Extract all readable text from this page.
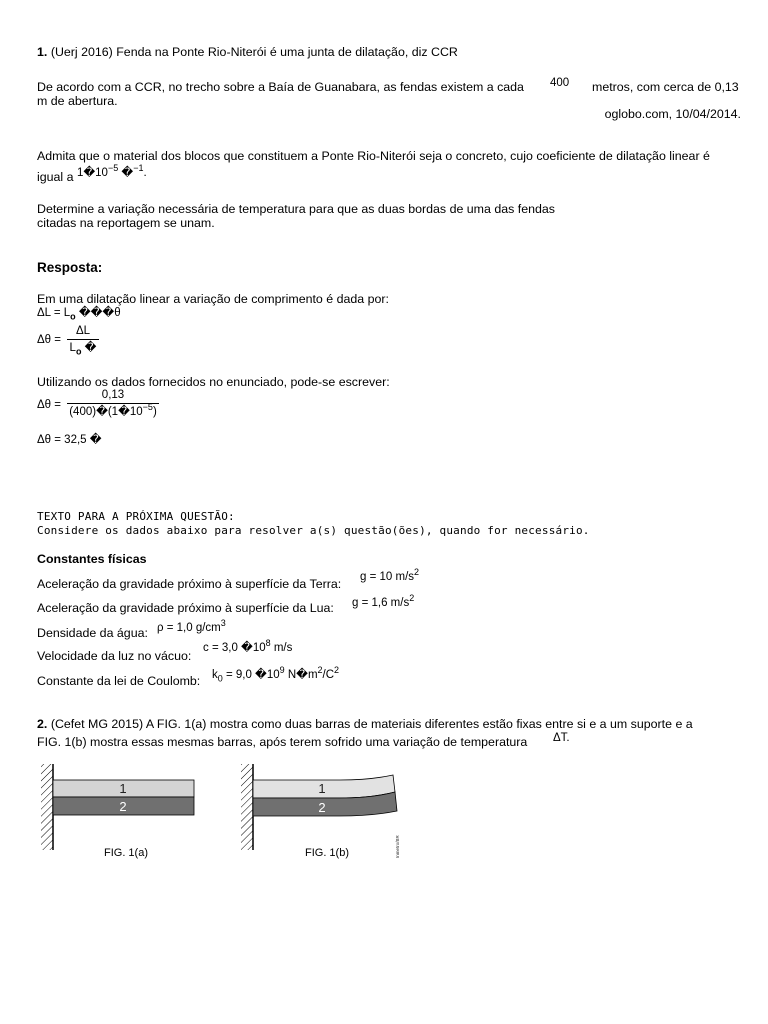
1. (Uerj 2016) Fenda na Ponte Rio-Niterói é uma junta de dilatação, diz CCR
De acordo com a CCR, no trecho sobre a Baía de Guanabara, as fendas existem a cada 400 metros, com cerca de 0,13
m de abertura.
oglobo.com, 10/04/2014.
Admita que o material dos blocos que constituem a Ponte Rio-Niterói seja o concreto, cujo coeficiente de dilatação linear é
igual a $1�10^{-5}$ �$^{-1}$.
Determine a variação necessária de temperatura para que as duas bordas de uma das fendas
citadas na reportagem se unam.
Resposta:
Em uma dilatação linear a variação de comprimento é dada por:
$\Delta L = L_o$ ���θ
Δθ =
ΔL
$L_o$ �
Utilizando os dados fornecidos no enunciado, pode-se escrever:
Δθ =
0,13
$(400)�(1�10^{-5})$
Δθ = 32,5 �
TEXTO PARA A PRÓXIMA QUESTÃO:
Considere os dados abaixo para resolver a(s) questão(ões), quando for necessário.
Constantes físicas
Aceleração da gravidade próximo à superfície da Terra: g = 10 $m/s^2$
Aceleração da gravidade próximo à superfície da Lua: g = 1,6 $m/s^2$
Densidade da água: ρ = 1,0 $g/cm^3$
Velocidade da luz no vácuo:
c = 3,0 $�10^8$ m/s
Constante da lei de Coulomb: $k_0 = 9,0$ $�10^9$ $N�m^2/C^2$
2. (Cefet MG 2015) A FIG. 1(a) mostra como duas barras de materiais diferentes estão fixas entre si e a um suporte e a
FIG. 1(b) mostra essas mesmas barras, após terem sofrido uma variação de temperatura ΔT.
1
2
FIG. 1(a)
1
2
FIG. 1(b)	Inmetro/BR
